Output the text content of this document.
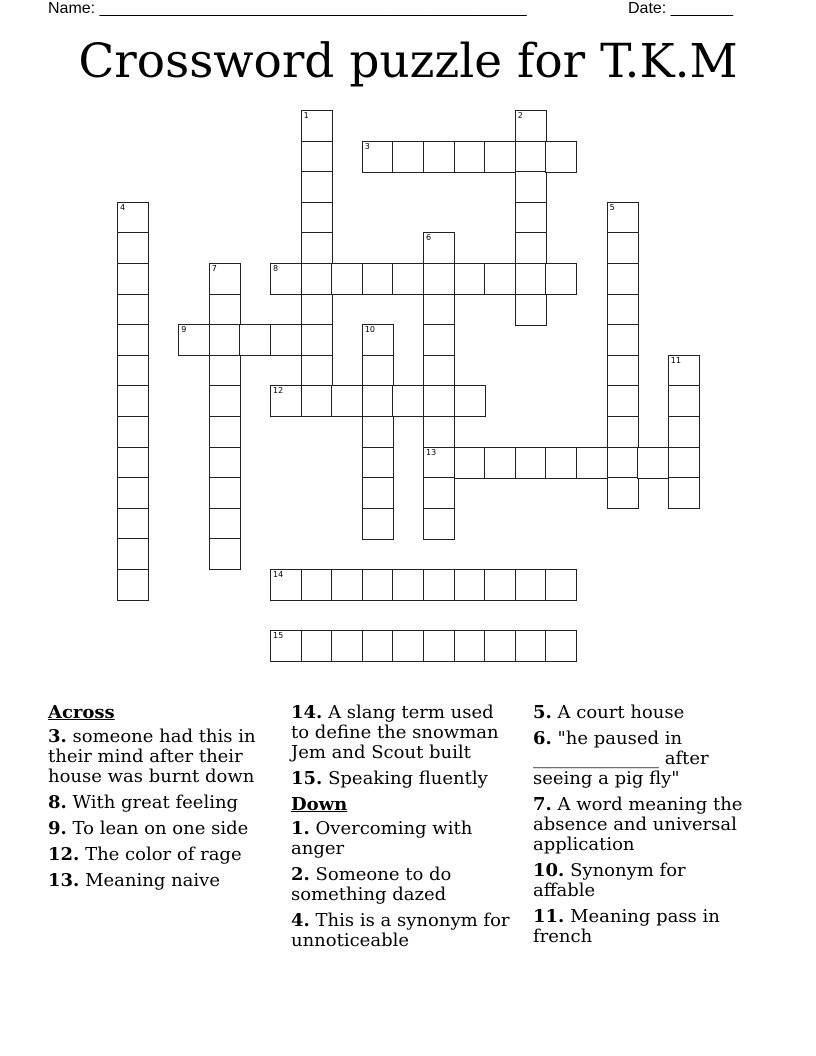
Name: ________________________________________________	Date: _______
Crossword puzzle for T.K.M
1	2
3
4	5
6
13
7	8
9	10
11
12
14
15
Across
3. someone had this in their mind after their house was burnt down
8. With great feeling
9. To lean on one side
12. The color of rage
13. Meaning naive
14. A slang term used to define the snowman Jem and Scout built
15. Speaking fluently
Down
1. Overcoming with anger
2. Someone to do something dazed
4. This is a synonym for unnoticeable
5. A court house
6. "he paused in ______________ after seeing a pig fly"
7. A word meaning the absence and universal application
10. Synonym for affable
11. Meaning pass in french
